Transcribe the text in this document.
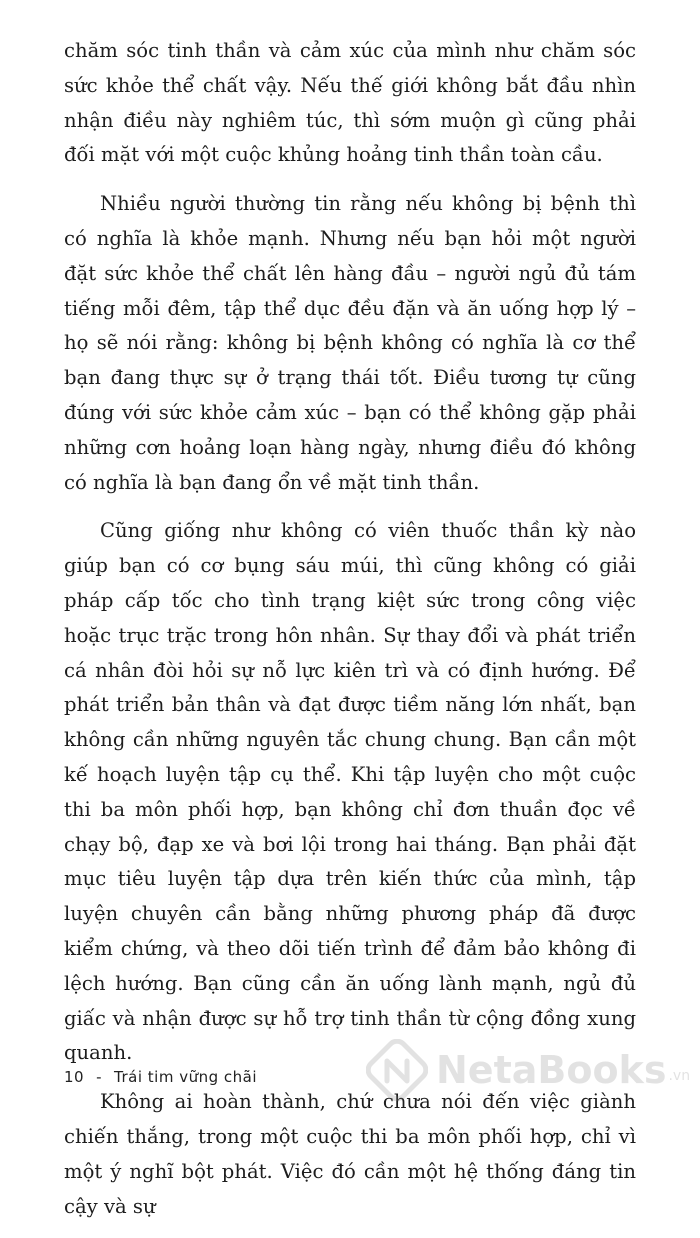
chăm sóc tinh thần và cảm xúc của mình như chăm sóc sức khỏe thể chất vậy. Nếu thế giới không bắt đầu nhìn nhận điều này nghiêm túc, thì sớm muộn gì cũng phải đối mặt với một cuộc khủng hoảng tinh thần toàn cầu.

Nhiều người thường tin rằng nếu không bị bệnh thì có nghĩa là khỏe mạnh. Nhưng nếu bạn hỏi một người đặt sức khỏe thể chất lên hàng đầu – người ngủ đủ tám tiếng mỗi đêm, tập thể dục đều đặn và ăn uống hợp lý – họ sẽ nói rằng: không bị bệnh không có nghĩa là cơ thể bạn đang thực sự ở trạng thái tốt. Điều tương tự cũng đúng với sức khỏe cảm xúc – bạn có thể không gặp phải những cơn hoảng loạn hàng ngày, nhưng điều đó không có nghĩa là bạn đang ổn về mặt tinh thần.

Cũng giống như không có viên thuốc thần kỳ nào giúp bạn có cơ bụng sáu múi, thì cũng không có giải pháp cấp tốc cho tình trạng kiệt sức trong công việc hoặc trục trặc trong hôn nhân. Sự thay đổi và phát triển cá nhân đòi hỏi sự nỗ lực kiên trì và có định hướng. Để phát triển bản thân và đạt được tiềm năng lớn nhất, bạn không cần những nguyên tắc chung chung. Bạn cần một kế hoạch luyện tập cụ thể. Khi tập luyện cho một cuộc thi ba môn phối hợp, bạn không chỉ đơn thuần đọc về chạy bộ, đạp xe và bơi lội trong hai tháng. Bạn phải đặt mục tiêu luyện tập dựa trên kiến thức của mình, tập luyện chuyên cần bằng những phương pháp đã được kiểm chứng, và theo dõi tiến trình để đảm bảo không đi lệch hướng. Bạn cũng cần ăn uống lành mạnh, ngủ đủ giấc và nhận được sự hỗ trợ tinh thần từ cộng đồng xung quanh.

Không ai hoàn thành, chứ chưa nói đến việc giành chiến thắng, trong một cuộc thi ba môn phối hợp, chỉ vì một ý nghĩ bột phát. Việc đó cần một hệ thống đáng tin cậy và sự

10 - Trái tim vững chãi	NetaBooks .vn
